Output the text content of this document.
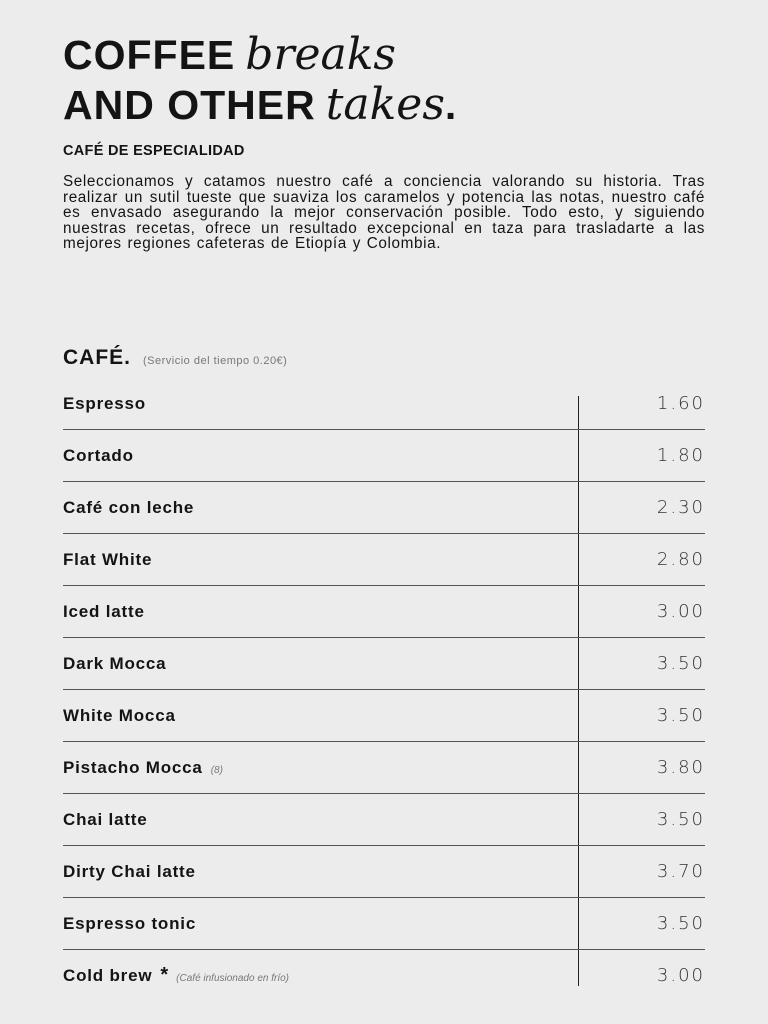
COFFEE breaks
AND OTHER takes.
CAFÉ DE ESPECIALIDAD

Seleccionamos y catamos nuestro café a conciencia valorando su historia. Tras realizar un sutil tueste que suaviza los caramelos y potencia las notas, nuestro café es envasado asegurando la mejor conservación posible. Todo esto, y siguiendo nuestras recetas, ofrece un resultado excepcional en taza para trasladarte a las mejores regiones cafeteras de Etiopía y Colombia.

CAFÉ. (Servicio del tiempo 0.20€)
Espresso	1.60
Cortado	1.80
Café con leche	2.30
Flat White	2.80
Iced latte	3.00
Dark Mocca	3.50
White Mocca	3.50
Pistacho Mocca (8)	3.80
Chai latte	3.50
Dirty Chai latte	3.70
Espresso tonic	3.50
Cold brew * (Café infusionado en frío)	3.00
